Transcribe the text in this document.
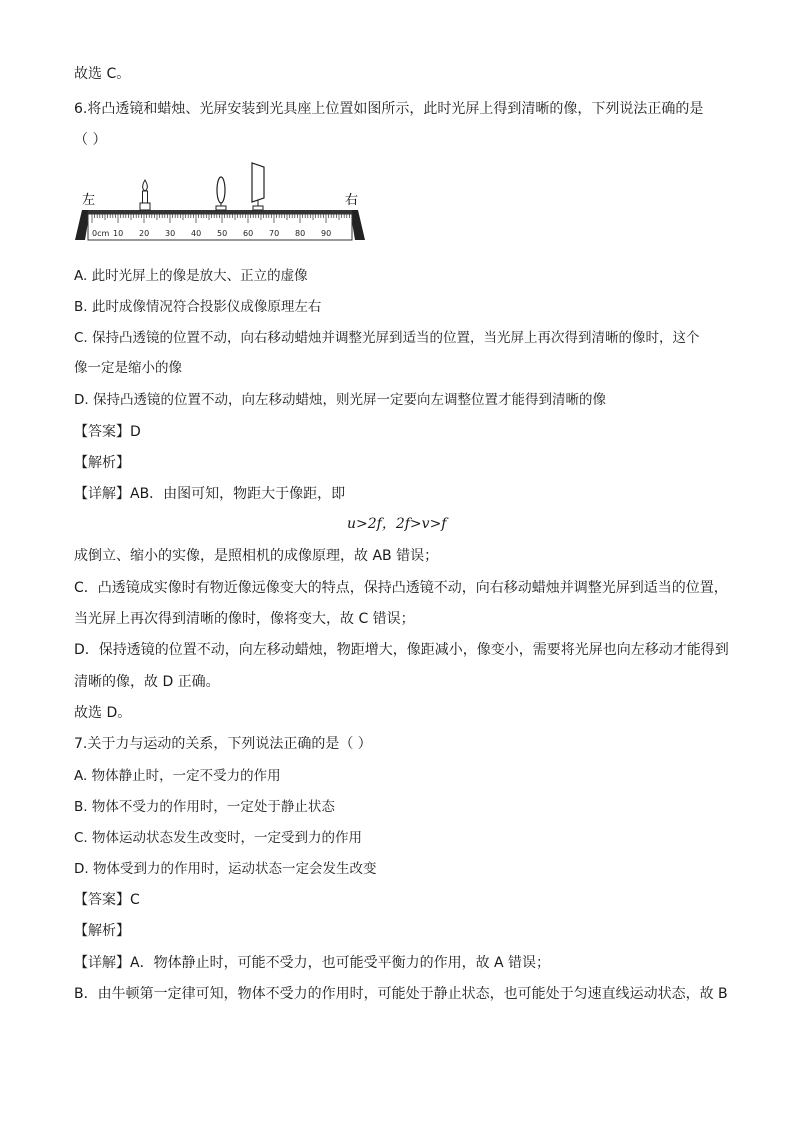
故选 C。
6.将凸透镜和蜡烛、光屏安装到光具座上位置如图所示，此时光屏上得到清晰的像，下列说法正确的是
（ ）
左	右
0cm 10 20 30 40 50 60 70 80 90
A. 此时光屏上的像是放大、正立的虚像
B. 此时成像情况符合投影仪成像原理左右
C. 保持凸透镜的位置不动，向右移动蜡烛并调整光屏到适当的位置，当光屏上再次得到清晰的像时，这个
像一定是缩小的像
D. 保持凸透镜的位置不动，向左移动蜡烛，则光屏一定要向左调整位置才能得到清晰的像
【答案】D
【解析】
【详解】AB．由图可知，物距大于像距，即
u>2f，2f>v>f
成倒立、缩小的实像，是照相机的成像原理，故 AB 错误；
C．凸透镜成实像时有物近像远像变大的特点，保持凸透镜不动，向右移动蜡烛并调整光屏到适当的位置，
当光屏上再次得到清晰的像时，像将变大，故 C 错误；
D．保持透镜的位置不动，向左移动蜡烛，物距增大，像距减小，像变小，需要将光屏也向左移动才能得到
清晰的像，故 D 正确。
故选 D。
7.关于力与运动的关系，下列说法正确的是（ ）
A. 物体静止时，一定不受力的作用
B. 物体不受力的作用时，一定处于静止状态
C. 物体运动状态发生改变时，一定受到力的作用
D. 物体受到力的作用时，运动状态一定会发生改变
【答案】C
【解析】
【详解】A．物体静止时，可能不受力，也可能受平衡力的作用，故 A 错误；
B．由牛顿第一定律可知，物体不受力的作用时，可能处于静止状态，也可能处于匀速直线运动状态，故 B
